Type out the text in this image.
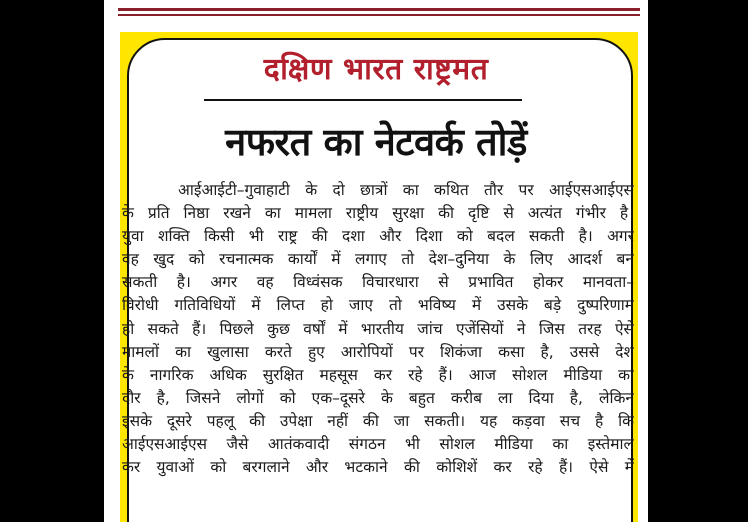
दक्षिण भारत राष्ट्रमत
नफरत का नेटवर्क तोड़ें
आईआईटी–गुवाहाटी के दो छात्रों का कथित तौर पर आईएसआईएस
के प्रति निष्ठा रखने का मामला राष्ट्रीय सुरक्षा की दृष्टि से अत्यंत गंभीर है।
युवा शक्ति किसी भी राष्ट्र की दशा और दिशा को बदल सकती है। अगर
वह खुद को रचनात्मक कार्यों में लगाए तो देश–दुनिया के लिए आदर्श बन
सकती है। अगर वह विध्वंसक विचारधारा से प्रभावित होकर मानवता–
विरोधी गतिविधियों में लिप्त हो जाए तो भविष्य में उसके बड़े दुष्परिणाम
हो सकते हैं। पिछले कुछ वर्षों में भारतीय जांच एजेंसियों ने जिस तरह ऐसे
मामलों का खुलासा करते हुए आरोपियों पर शिकंजा कसा है, उससे देश
के नागरिक अधिक सुरक्षित महसूस कर रहे हैं। आज सोशल मीडिया का
दौर है, जिसने लोगों को एक–दूसरे के बहुत करीब ला दिया है, लेकिन
इसके दूसरे पहलू की उपेक्षा नहीं की जा सकती। यह कड़वा सच है कि
आईएसआईएस जैसे आतंकवादी संगठन भी सोशल मीडिया का इस्तेमाल
कर युवाओं को बरगलाने और भटकाने की कोशिशें कर रहे हैं। ऐसे में
